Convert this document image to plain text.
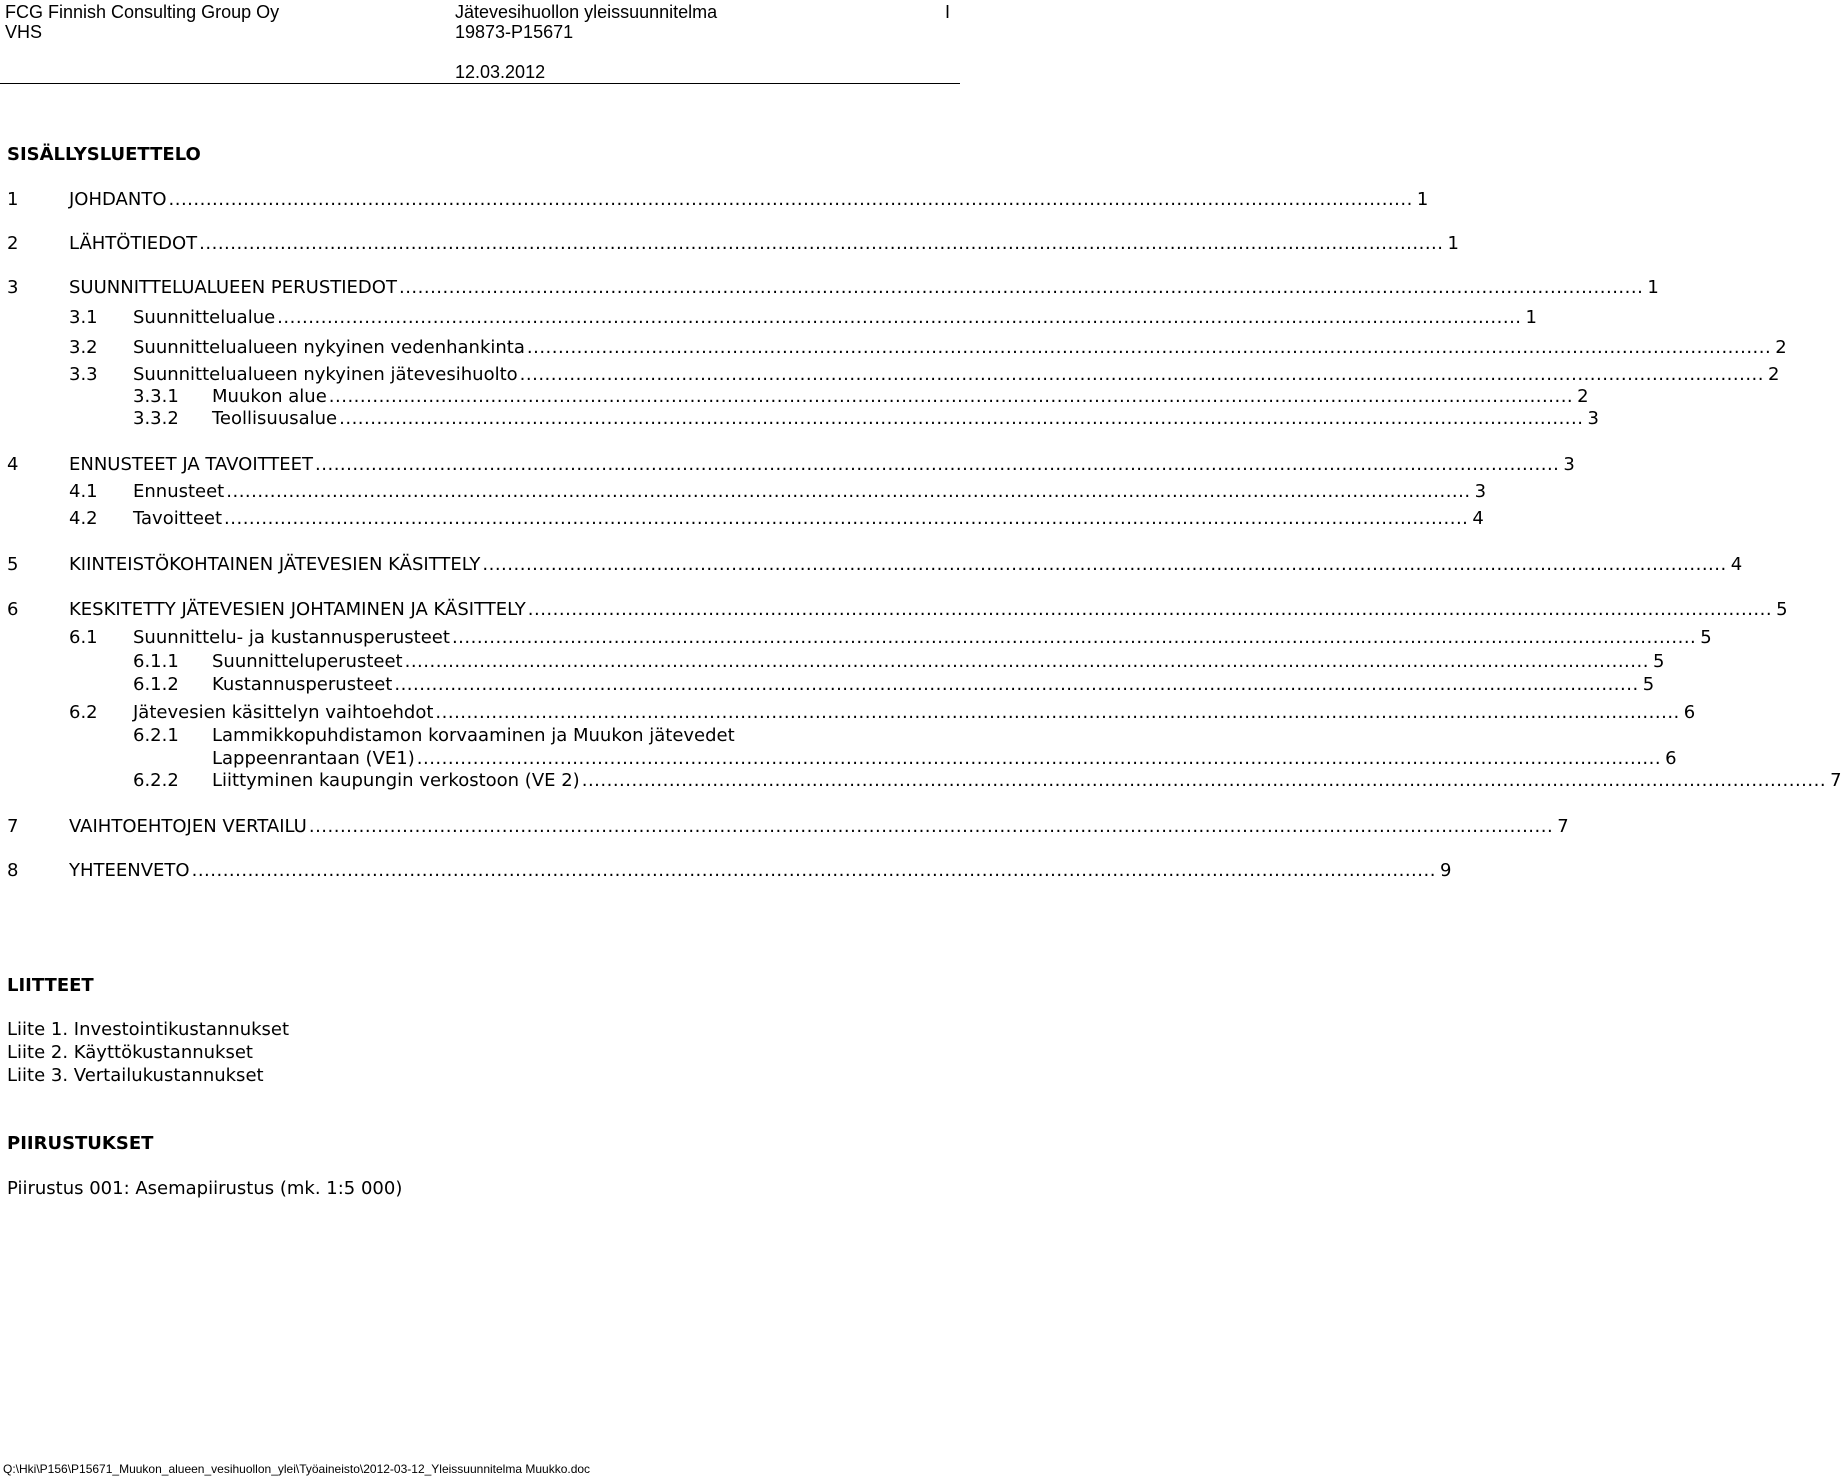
FCG Finnish Consulting Group Oy
VHS
Jätevesihuollon yleissuunnitelma
19873-P15671
I
12.03.2012
SISÄLLYSLUETTELO
1	JOHDANTO ........................................................................................................................................................................................................ 1
2	LÄHTÖTIEDOT ........................................................................................................................................................................................................ 1
3	SUUNNITTELUALUEEN PERUSTIEDOT ........................................................................................................................................................................................................ 1
3.1 Suunnittelualue ........................................................................................................................................................................................................ 1
3.2 Suunnittelualueen nykyinen vedenhankinta ........................................................................................................................................................................................................ 2
3.3 Suunnittelualueen nykyinen jätevesihuolto ........................................................................................................................................................................................................ 2
3.3.1 Muukon alue ........................................................................................................................................................................................................ 2
3.3.2 Teollisuusalue ........................................................................................................................................................................................................ 3
4	ENNUSTEET JA TAVOITTEET ........................................................................................................................................................................................................ 3
4.1 Ennusteet ........................................................................................................................................................................................................ 3
4.2 Tavoitteet ........................................................................................................................................................................................................ 4
5	KIINTEISTÖKOHTAINEN JÄTEVESIEN KÄSITTELY ........................................................................................................................................................................................................ 4
6	KESKITETTY JÄTEVESIEN JOHTAMINEN JA KÄSITTELY ........................................................................................................................................................................................................ 5
6.1 Suunnittelu- ja kustannusperusteet ........................................................................................................................................................................................................ 5
6.1.1 Suunnitteluperusteet ........................................................................................................................................................................................................ 5
6.1.2 Kustannusperusteet ........................................................................................................................................................................................................ 5
6.2 Jätevesien käsittelyn vaihtoehdot ........................................................................................................................................................................................................ 6
6.2.1 Lammikkopuhdistamon korvaaminen ja Muukon jätevedet
Lappeenrantaan (VE1) ........................................................................................................................................................................................................ 6
6.2.2 Liittyminen kaupungin verkostoon (VE 2) ........................................................................................................................................................................................................ 7
7	VAIHTOEHTOJEN VERTAILU ........................................................................................................................................................................................................ 7
8	YHTEENVETO ........................................................................................................................................................................................................ 9
LIITTEET
Liite 1. Investointikustannukset
Liite 2. Käyttökustannukset
Liite 3. Vertailukustannukset
PIIRUSTUKSET
Piirustus 001: Asemapiirustus (mk. 1:5 000)
Q:\Hki\P156\P15671_Muukon_alueen_vesihuollon_ylei\Työaineisto\2012-03-12_Yleissuunnitelma Muukko.doc
